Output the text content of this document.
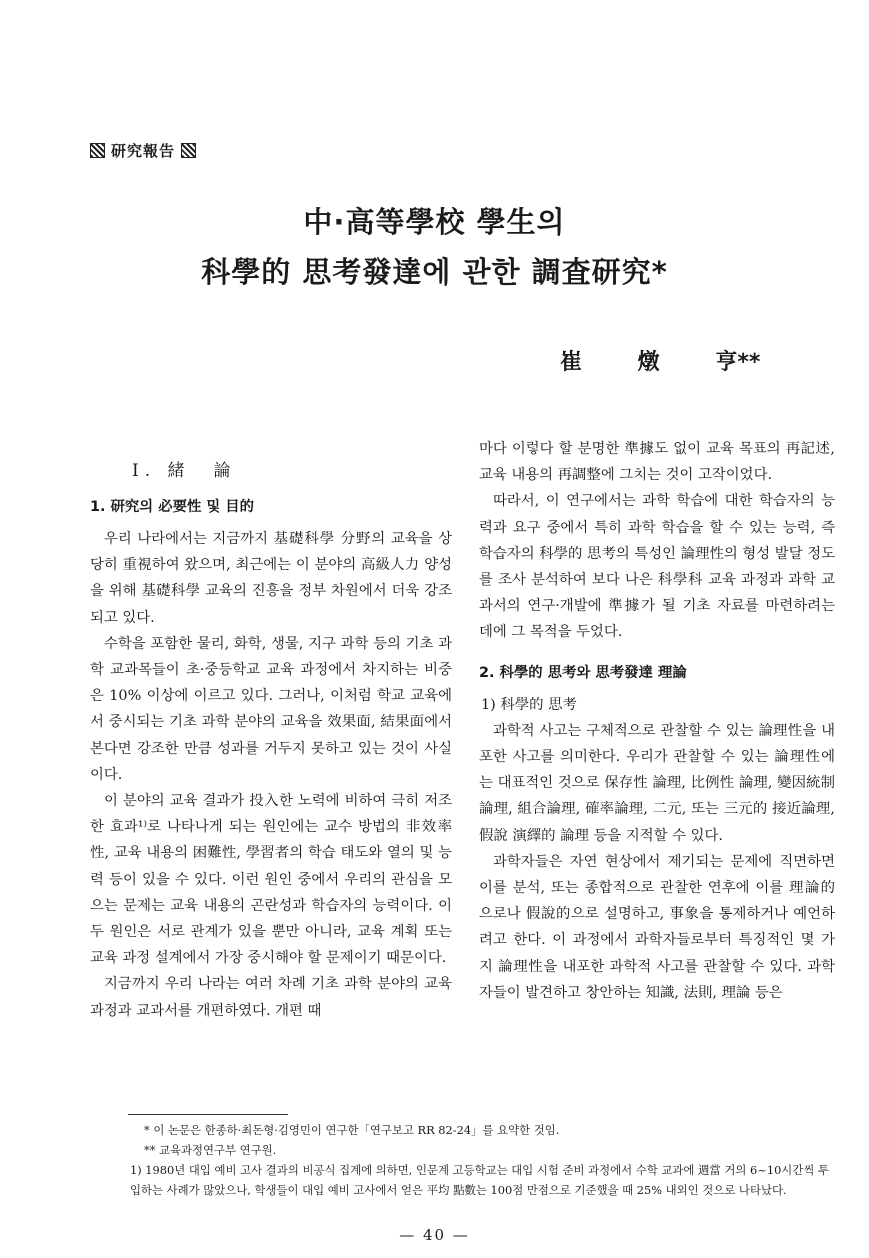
研究報告
中·高等學校 學生의
科學的 思考發達에 관한 調査研究*
崔 燉 亨**
Ⅰ. 緒　論
1. 研究의 必要性 및 目的

우리 나라에서는 지금까지 基礎科學 分野의 교육을 상당히 重視하여 왔으며, 최근에는 이 분야의 高級人力 양성을 위해 基礎科學 교육의 진흥을 정부 차원에서 더욱 강조되고 있다.

수학을 포함한 물리, 화학, 생물, 지구 과학 등의 기초 과학 교과목들이 초·중등학교 교육 과정에서 차지하는 비중은 10% 이상에 이르고 있다. 그러나, 이처럼 학교 교육에서 중시되는 기초 과학 분야의 교육을 效果面, 結果面에서 본다면 강조한 만큼 성과를 거두지 못하고 있는 것이 사실이다.

이 분야의 교육 결과가 投入한 노력에 비하여 극히 저조한 효과¹⁾로 나타나게 되는 원인에는 교수 방법의 非效率性, 교육 내용의 困難性, 學習者의 학습 태도와 열의 및 능력 등이 있을 수 있다. 이런 원인 중에서 우리의 관심을 모으는 문제는 교육 내용의 곤란성과 학습자의 능력이다. 이 두 원인은 서로 관계가 있을 뿐만 아니라, 교육 계획 또는 교육 과정 설계에서 가장 중시해야 할 문제이기 때문이다.

지금까지 우리 나라는 여러 차례 기초 과학 분야의 교육 과정과 교과서를 개편하였다. 개편 때

마다 이렇다 할 분명한 準據도 없이 교육 목표의 再記述, 교육 내용의 再調整에 그치는 것이 고작이었다.

따라서, 이 연구에서는 과학 학습에 대한 학습자의 능력과 요구 중에서 특히 과학 학습을 할 수 있는 능력, 즉 학습자의 科學的 思考의 특성인 論理性의 형성 발달 정도를 조사 분석하여 보다 나은 科學科 교육 과정과 과학 교과서의 연구·개발에 準據가 될 기초 자료를 마련하려는 데에 그 목적을 두었다.

2. 科學的 思考와 思考發達 理論
1) 科學的 思考

과학적 사고는 구체적으로 관찰할 수 있는 論理性을 내포한 사고를 의미한다. 우리가 관찰할 수 있는 論理性에는 대표적인 것으로 保存性 論理, 比例性 論理, 變因統制 論理, 組合論理, 確率論理, 二元, 또는 三元的 接近論理, 假說 演繹的 論理 등을 지적할 수 있다.

과학자들은 자연 현상에서 제기되는 문제에 직면하면 이를 분석, 또는 종합적으로 관찰한 연후에 이를 理論的으로나 假說的으로 설명하고, 事象을 통제하거나 예언하려고 한다. 이 과정에서 과학자들로부터 특징적인 몇 가지 論理性을 내포한 과학적 사고를 관찰할 수 있다. 과학자들이 발견하고 창안하는 知識, 法則, 理論 등은

* 이 논문은 한종하·최돈형·김영민이 연구한「연구보고 RR 82-24」를 요약한 것임.

** 교육과정연구부 연구원.

1) 1980년 대입 예비 고사 결과의 비공식 집계에 의하면, 인문계 고등학교는 대입 시험 준비 과정에서 수학 교과에 週當 거의 6~10시간씩 투입하는 사례가 많았으나, 학생들이 대입 예비 고사에서 얻은 平均 點數는 100점 만점으로 기준했을 때 25% 내외인 것으로 나타났다.

— 40 —
